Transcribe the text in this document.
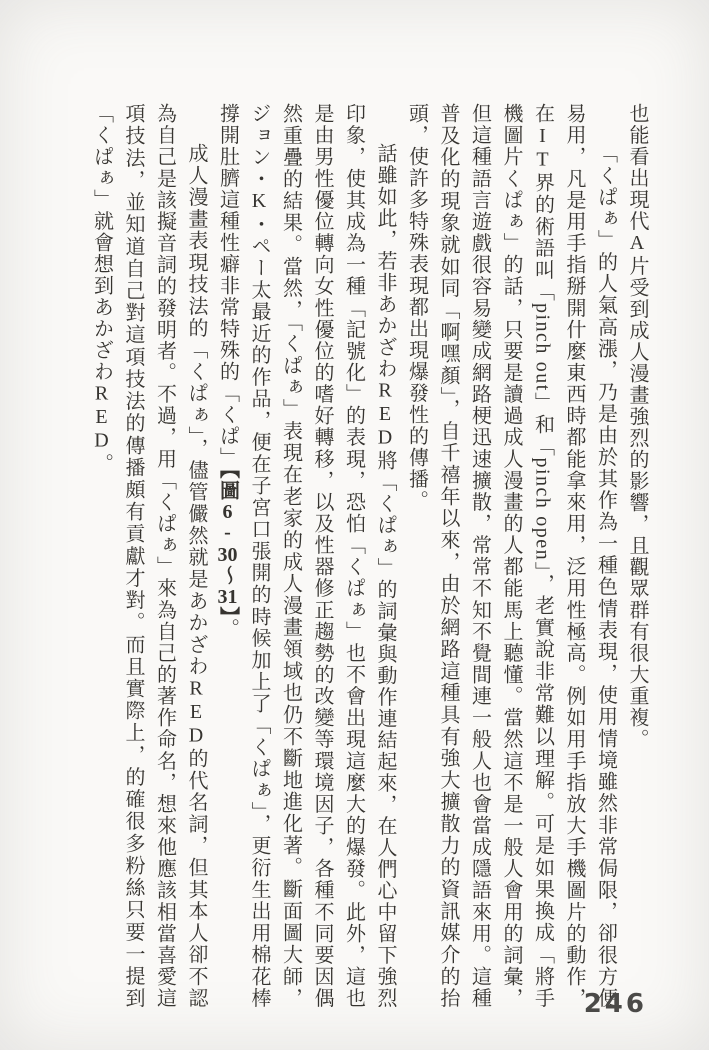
也能看出現代A片受到成人漫畫強烈的影響，且觀眾群有很大重複。

「くぱぁ」的人氣高漲，乃是由於其作為一種色情表現，使用情境雖然非常侷限，卻很方便易用，凡是用手指掰開什麼東西時都能拿來用，泛用性極高。例如用手指放大手機圖片的動作，在IT界的術語叫「pinch out」和「pinch open」，老實說非常難以理解。可是如果換成「將手機圖片くぱぁ」的話，只要是讀過成人漫畫的人都能馬上聽懂。當然這不是一般人會用的詞彙，但這種語言遊戲很容易變成網路梗迅速擴散，常常不知不覺間連一般人也會當成隱語來用。這種普及化的現象就如同「啊嘿顏」，自千禧年以來，由於網路這種具有強大擴散力的資訊媒介的抬頭，使許多特殊表現都出現爆發性的傳播。

話雖如此，若非あかざわRED將「くぱぁ」的詞彙與動作連結起來，在人們心中留下強烈印象，使其成為一種「記號化」的表現，恐怕「くぱぁ」也不會出現這麼大的爆發。此外，這也是由男性優位轉向女性優位的嗜好轉移，以及性器修正趨勢的改變等環境因子，各種不同要因偶然重疊的結果。當然，「くぱぁ」表現在老家的成人漫畫領域也仍不斷地進化著。斷面圖大師，ジョン・K・ペー太最近的作品，便在子宮口張開的時候加上了「くぱぁ」，更衍生出用棉花棒撐開肚臍這種性癖非常特殊的「くぱ」【圖6-30〜31】。

成人漫畫表現技法的「くぱぁ」，儘管儼然就是あかざわRED的代名詞，但其本人卻不認為自己是該擬音詞的發明者。不過，用「くぱぁ」來為自己的著作命名，想來他應該相當喜愛這項技法，並知道自己對這項技法的傳播頗有貢獻才對。而且實際上，的確很多粉絲只要一提到「くぱぁ」就會想到あかざわRED。

246
